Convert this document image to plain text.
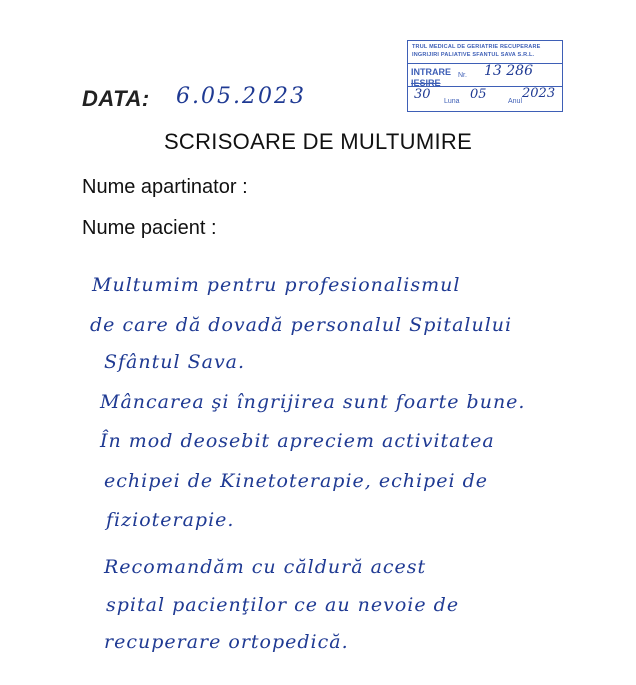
DATA: 6.05.2023
TRUL MEDICAL DE GERIATRIE RECUPERARE
INGRIJIRI PALIATIVE SFANTUL SAVA S.R.L.
INTRARE
IESIRE
Nr. 13 286
30 Luna 05	Anul
2023
SCRISOARE DE MULTUMIRE
Nume apartinator :
Nume pacient :
Multumim pentru profesionalismul
de care dă dovadă personalul Spitalului
Sfântul Sava.
Mâncarea şi îngrijirea sunt foarte bune.
În mod deosebit apreciem activitatea
echipei de Kinetoterapie, echipei de
fizioterapie.
Recomandăm cu căldură acest
spital pacienţilor ce au nevoie de
recuperare ortopedică.
